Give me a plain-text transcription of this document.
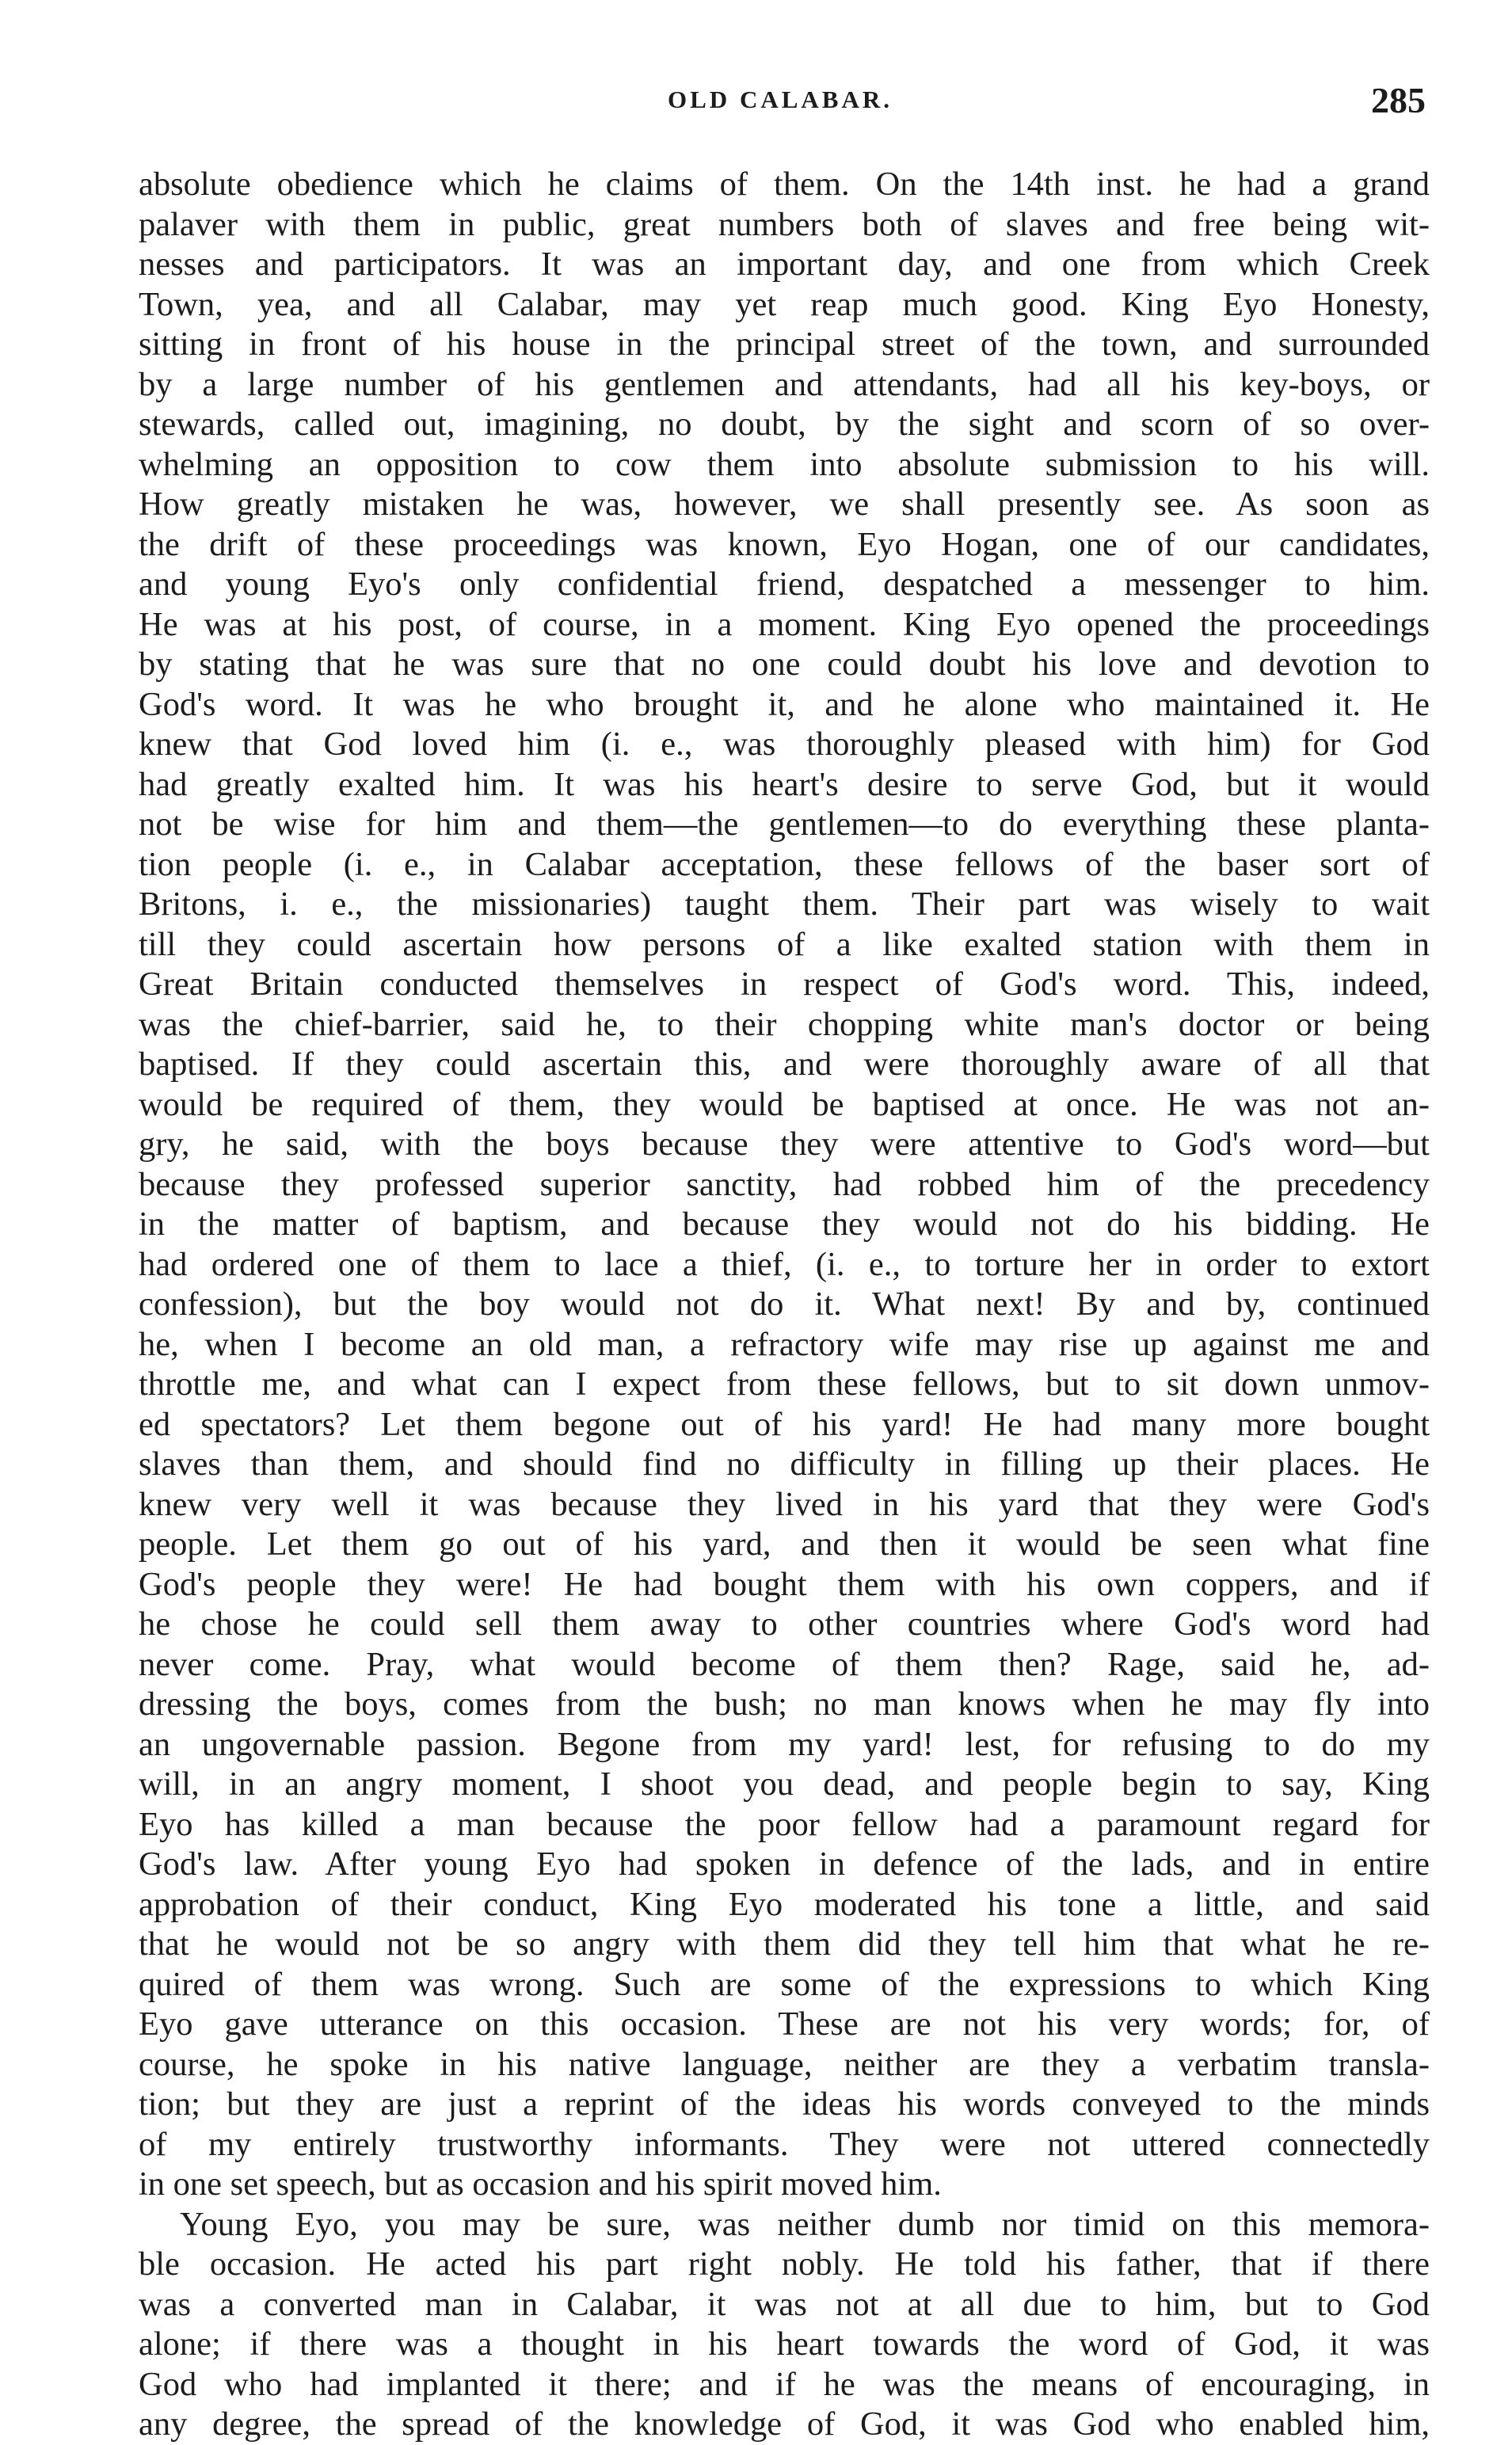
OLD CALABAR.	285
absolute obedience which he claims of them. On the 14th inst. he had a grand
palaver with them in public, great numbers both of slaves and free being wit-
nesses and participators. It was an important day, and one from which Creek
Town, yea, and all Calabar, may yet reap much good. King Eyo Honesty,
sitting in front of his house in the principal street of the town, and surrounded
by a large number of his gentlemen and attendants, had all his key-boys, or
stewards, called out, imagining, no doubt, by the sight and scorn of so over-
whelming an opposition to cow them into absolute submission to his will.
How greatly mistaken he was, however, we shall presently see. As soon as
the drift of these proceedings was known, Eyo Hogan, one of our candidates,
and young Eyo's only confidential friend, despatched a messenger to him.
He was at his post, of course, in a moment. King Eyo opened the proceedings
by stating that he was sure that no one could doubt his love and devotion to
God's word. It was he who brought it, and he alone who maintained it. He
knew that God loved him (i. e., was thoroughly pleased with him) for God
had greatly exalted him. It was his heart's desire to serve God, but it would
not be wise for him and them—the gentlemen—to do everything these planta-
tion people (i. e., in Calabar acceptation, these fellows of the baser sort of
Britons, i. e., the missionaries) taught them. Their part was wisely to wait
till they could ascertain how persons of a like exalted station with them in
Great Britain conducted themselves in respect of God's word. This, indeed,
was the chief-barrier, said he, to their chopping white man's doctor or being
baptised. If they could ascertain this, and were thoroughly aware of all that
would be required of them, they would be baptised at once. He was not an-
gry, he said, with the boys because they were attentive to God's word—but
because they professed superior sanctity, had robbed him of the precedency
in the matter of baptism, and because they would not do his bidding. He
had ordered one of them to lace a thief, (i. e., to torture her in order to extort
confession), but the boy would not do it. What next! By and by, continued
he, when I become an old man, a refractory wife may rise up against me and
throttle me, and what can I expect from these fellows, but to sit down unmov-
ed spectators? Let them begone out of his yard! He had many more bought
slaves than them, and should find no difficulty in filling up their places. He
knew very well it was because they lived in his yard that they were God's
people. Let them go out of his yard, and then it would be seen what fine
God's people they were! He had bought them with his own coppers, and if
he chose he could sell them away to other countries where God's word had
never come. Pray, what would become of them then? Rage, said he, ad-
dressing the boys, comes from the bush; no man knows when he may fly into
an ungovernable passion. Begone from my yard! lest, for refusing to do my
will, in an angry moment, I shoot you dead, and people begin to say, King
Eyo has killed a man because the poor fellow had a paramount regard for
God's law. After young Eyo had spoken in defence of the lads, and in entire
approbation of their conduct, King Eyo moderated his tone a little, and said
that he would not be so angry with them did they tell him that what he re-
quired of them was wrong. Such are some of the expressions to which King
Eyo gave utterance on this occasion. These are not his very words; for, of
course, he spoke in his native language, neither are they a verbatim transla-
tion; but they are just a reprint of the ideas his words conveyed to the minds
of my entirely trustworthy informants. They were not uttered connectedly
in one set speech, but as occasion and his spirit moved him.
Young Eyo, you may be sure, was neither dumb nor timid on this memora-
ble occasion. He acted his part right nobly. He told his father, that if there
was a converted man in Calabar, it was not at all due to him, but to God
alone; if there was a thought in his heart towards the word of God, it was
God who had implanted it there; and if he was the means of encouraging, in
any degree, the spread of the knowledge of God, it was God who enabled him,
